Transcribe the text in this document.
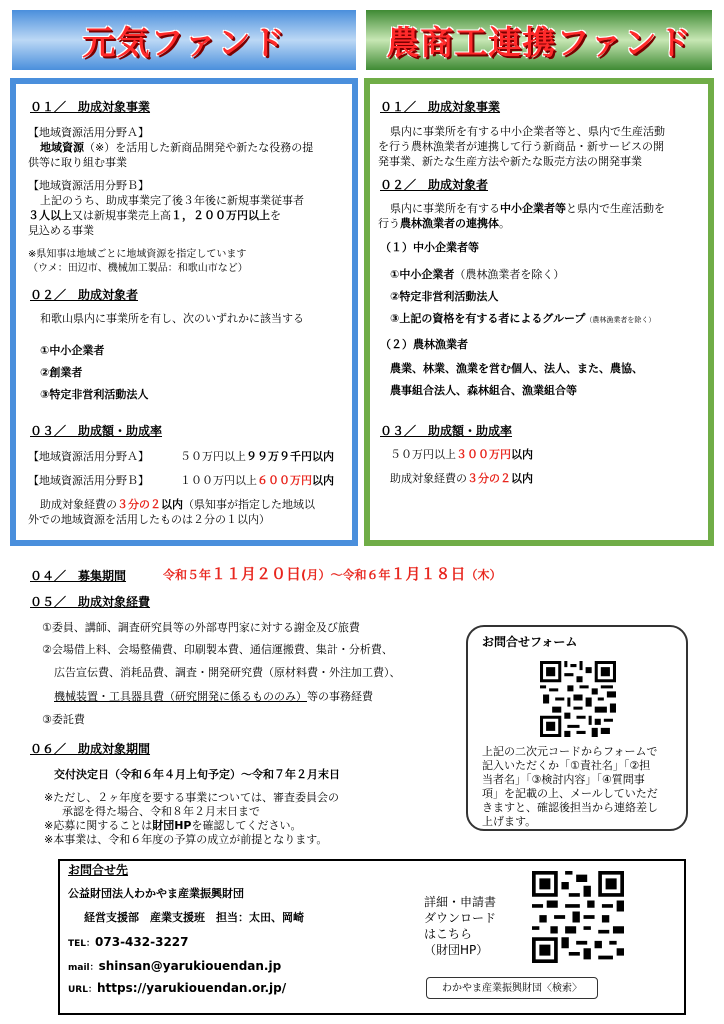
元気ファンド	農商工連携ファンド
０１／　助成対象事業
【地域資源活用分野Ａ】
地域資源（※）を活用した新商品開発や新たな役務の提
供等に取り組む事業
【地域資源活用分野Ｂ】
上記のうち、助成事業完了後３年後に新規事業従事者
３人以上又は新規事業売上高１，２００万円以上を
見込める事業
※県知事は地域ごとに地域資源を指定しています
（ウメ：田辺市、機械加工製品：和歌山市など）
０２／　助成対象者
和歌山県内に事業所を有し、次のいずれかに該当する
①中小企業者
②創業者
③特定非営利活動法人
０３／　助成額・助成率
【地域資源活用分野Ａ】	５０万円以上９９万９千円以内
【地域資源活用分野Ｂ】	１００万円以上６００万円以内
助成対象経費の３分の２以内（県知事が指定した地域以
外での地域資源を活用したものは２分の１以内）
０１／　助成対象事業
県内に事業所を有する中小企業者等と、県内で生産活動
を行う農林漁業者が連携して行う新商品・新サービスの開
発事業、新たな生産方法や新たな販売方法の開発事業
０２／　助成対象者
県内に事業所を有する中小企業者等と県内で生産活動を
行う農林漁業者の連携体。
（１）中小企業者等
①中小企業者（農林漁業者を除く）
②特定非営利活動法人
③上記の資格を有する者によるグループ（農林漁業者を除く）
（２）農林漁業者
農業、林業、漁業を営む個人、法人、また、農協、
農事組合法人、森林組合、漁業組合等
０３／　助成額・助成率
５０万円以上３００万円以内
助成対象経費の３分の２以内
０４／　募集期間	令和５年１１月２０日(月）～令和６年１月１８日（木）
０５／　助成対象経費
①委員、講師、調査研究員等の外部専門家に対する謝金及び旅費
②会場借上料、会場整備費、印刷製本費、通信運搬費、集計・分析費、
広告宣伝費、消耗品費、調査・開発研究費（原材料費・外注加工費）、
機械装置・工具器具費（研究開発に係るもののみ）等の事務経費
③委託費
０６／　助成対象期間
交付決定日（令和６年４月上旬予定）～令和７年２月末日
※ただし、２ヶ年度を要する事業については、審査委員会の
承認を得た場合、令和８年２月末日まで
※応募に関することは財団HPを確認してください。
※本事業は、令和６年度の予算の成立が前提となります。
お問合せフォーム
上記の二次元コードからフォームで
記入いただくか「①責社名」「②担
当者名」「③検討内容」「④質問事
項」を記載の上、メールしていただ
きますと、確認後担当から連絡差し
上げます。
お問合せ先
公益財団法人わかやま産業振興財団
経営支援部　産業支援班　担当：太田、岡崎
TEL：073-432-3227
mail：shinsan@yarukiouendan.jp
URL：https://yarukiouendan.or.jp/
詳細・申請書
ダウンロード
はこちら
（財団HP）
わかやま産業振興財団〈検索〉
